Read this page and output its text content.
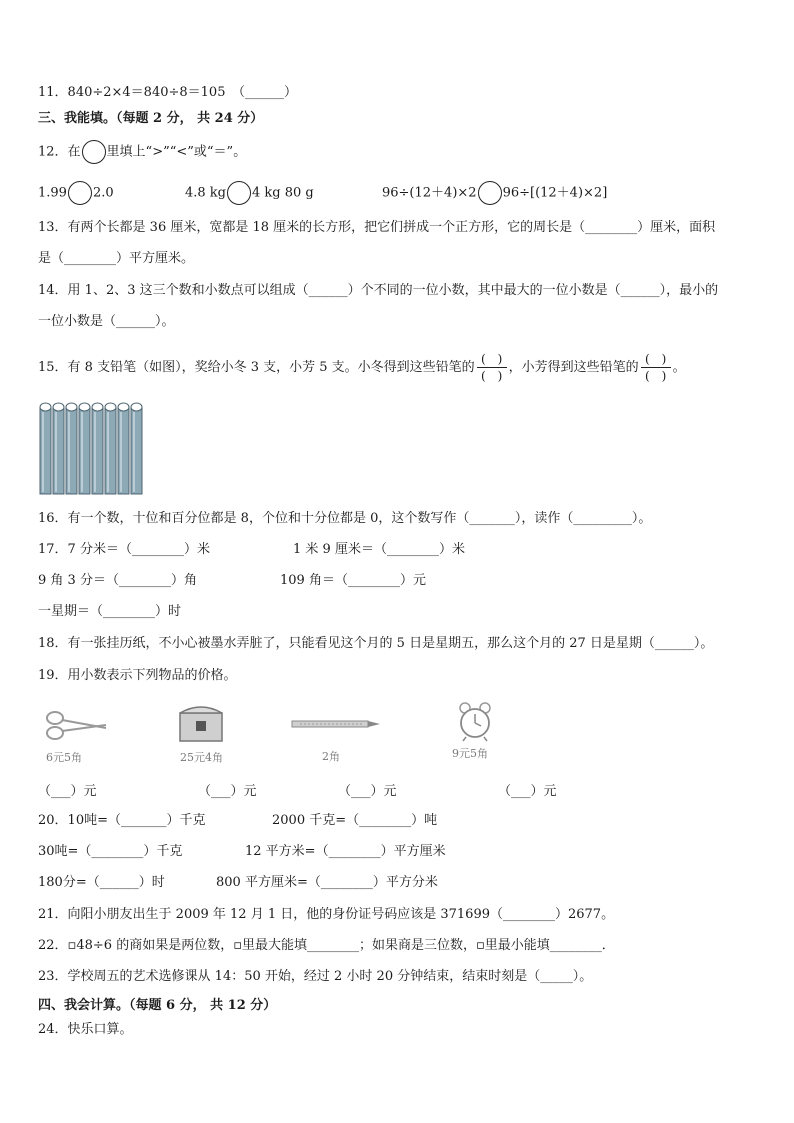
11．840÷2×4＝840÷8＝105　（______）
三、我能填。（每题 2 分， 共 24 分）
12．在 里填上“>”“<”或“＝”。
1.99 2.0	4.8 kg 4 kg 80 g	96÷(12＋4)×2 96÷[(12＋4)×2]
13．有两个长都是 36 厘米，宽都是 18 厘米的长方形，把它们拼成一个正方形，它的周长是（________）厘米，面积
是（________）平方厘米。
14．用 1、2、3 这三个数和小数点可以组成（______）个不同的一位小数，其中最大的一位小数是（______），最小的
一位小数是（______）。
15．有 8 支铅笔（如图），奖给小冬 3 支，小芳 5 支。小冬得到这些铅笔的 $\frac{( )}{( )}$ ，小芳得到这些铅笔的 $\frac{( )}{( )}$ 。
16．有一个数，十位和百分位都是 8，个位和十分位都是 0，这个数写作（_______），读作（_________）。
17．7 分米＝（________）米	1 米 9 厘米＝（________）米
9 角 3 分＝（________）角	109 角＝（________）元
一星期＝（________）时
18．有一张挂历纸，不小心被墨水弄脏了，只能看见这个月的 5 日是星期五，那么这个月的 27 日是星期（______）。
19．用小数表示下列物品的价格。
6元5角	25元4角	2角	9元5角
（___）元	（___）元	（___）元	（___）元
20．10吨=（_______）千克	2000 千克=（________）吨
30吨=（________）千克	12 平方米=（________）平方厘米
180分=（______）时	800 平方厘米=（________）平方分米
21．向阳小朋友出生于 2009 年 12 月 1 日，他的身份证号码应该是 371699（________）2677。
22．▫48÷6 的商如果是两位数，▫里最大能填________；如果商是三位数，▫里最小能填________．
23．学校周五的艺术选修课从 14：50 开始，经过 2 小时 20 分钟结束，结束时刻是（_____）。
四、我会计算。（每题 6 分， 共 12 分）
24．快乐口算。
